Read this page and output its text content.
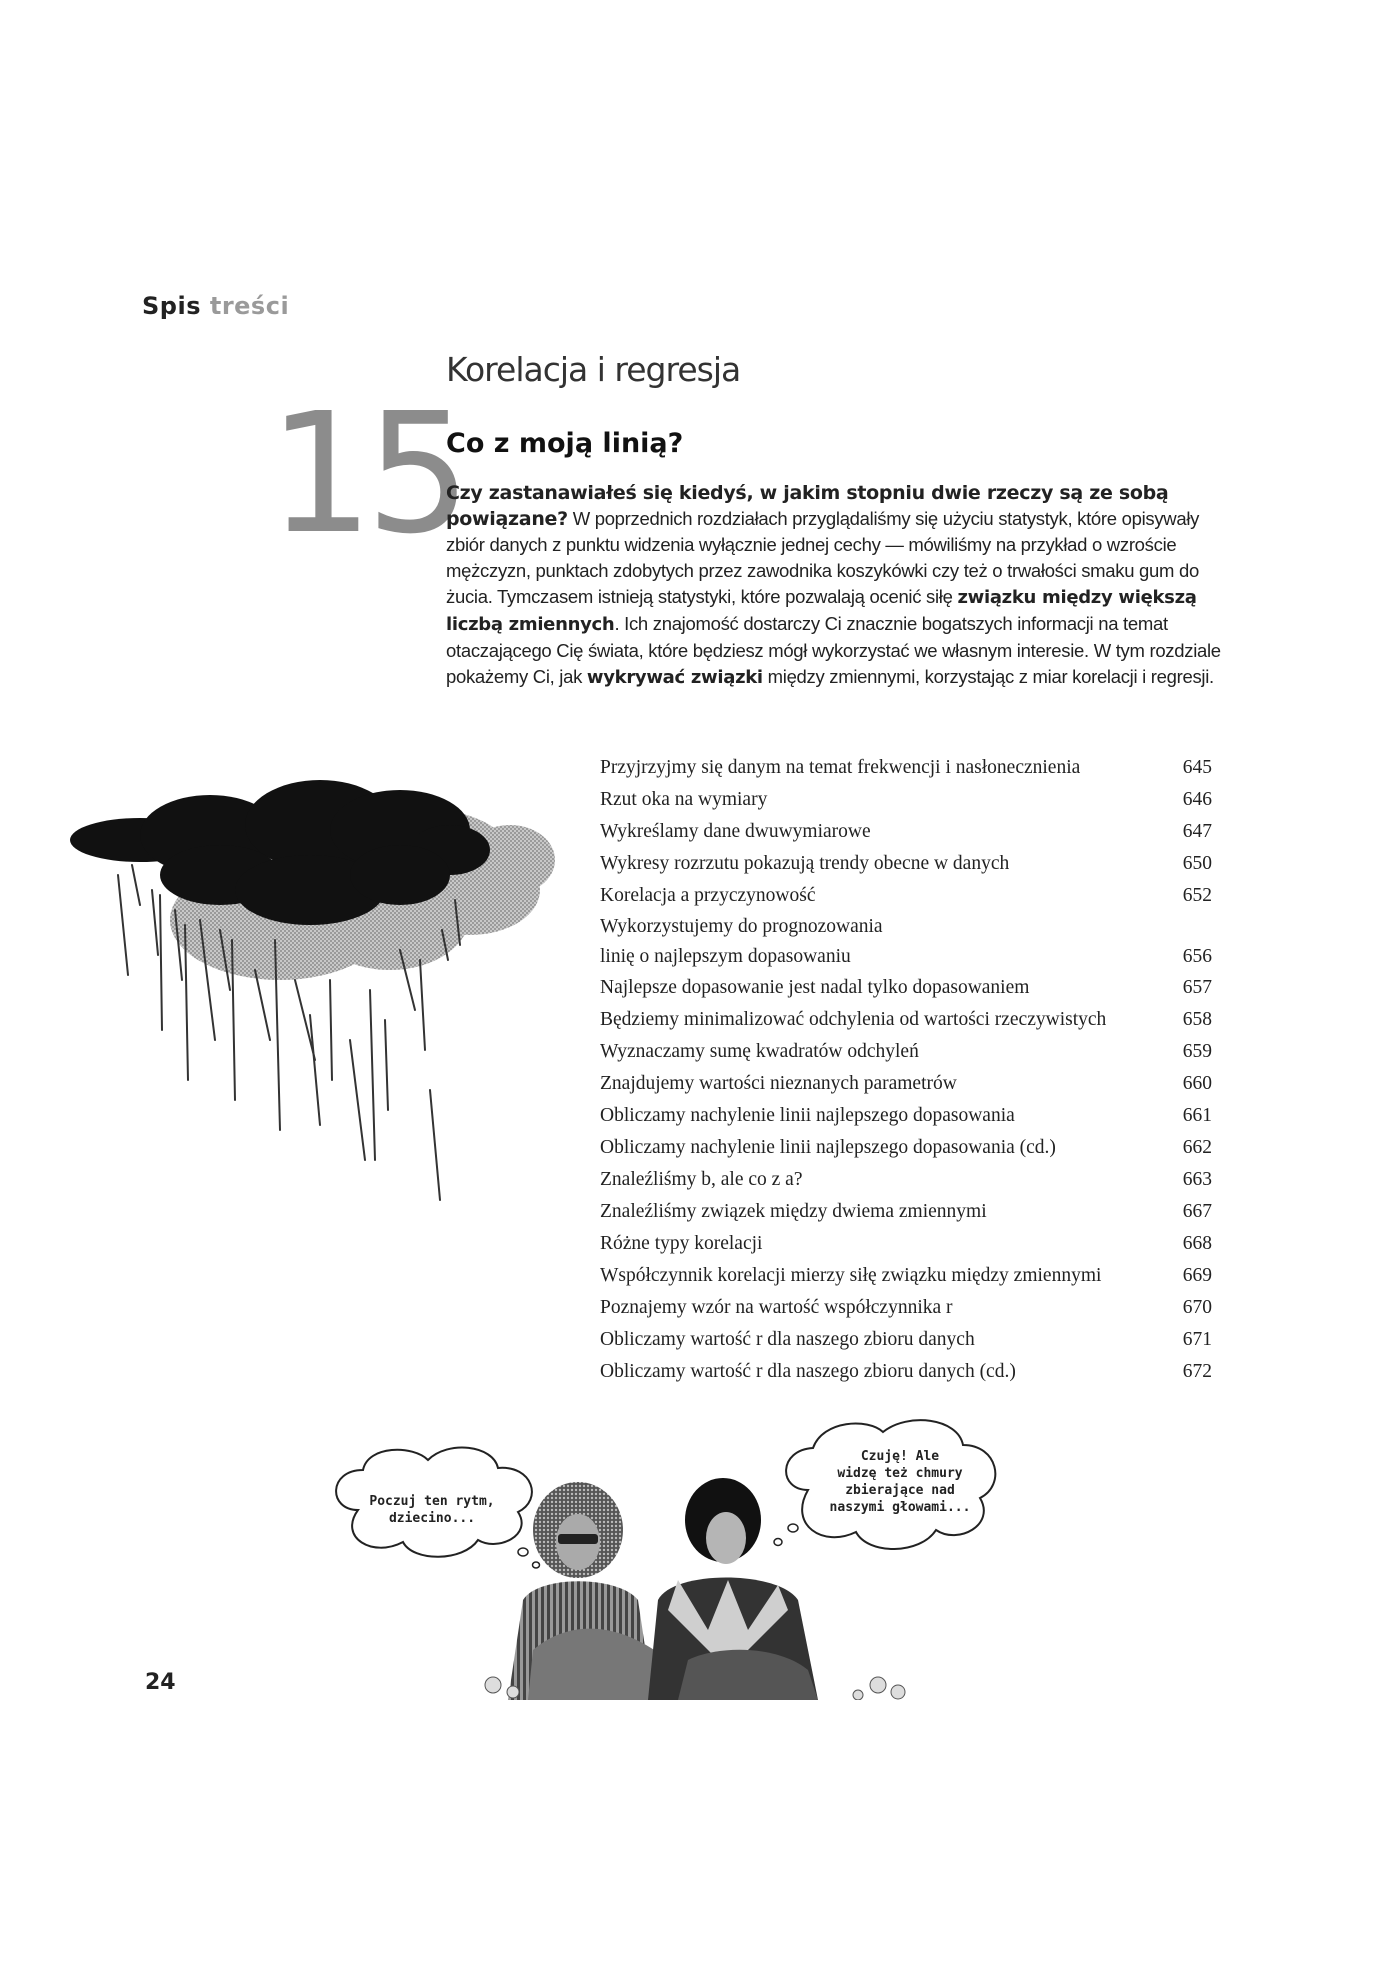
Spis treści
15
Korelacja i regresja
Co z moją linią?
Czy zastanawiałeś się kiedyś, w jakim stopniu dwie rzeczy są ze sobą powiązane? W poprzednich rozdziałach przyglądaliśmy się użyciu statystyk, które opisywały zbiór danych z punktu widzenia wyłącznie jednej cechy — mówiliśmy na przykład o wzroście mężczyzn, punktach zdobytych przez zawodnika koszykówki czy też o trwałości smaku gum do żucia. Tymczasem istnieją statystyki, które pozwalają ocenić siłę związku między większą liczbą zmiennych. Ich znajomość dostarczy Ci znacznie bogatszych informacji na temat otaczającego Cię świata, które będziesz mógł wykorzystać we własnym interesie. W tym rozdziale pokażemy Ci, jak wykrywać związki między zmiennymi, korzystając z miar korelacji i regresji.
Przyjrzyjmy się danym na temat frekwencji i nasłonecznienia	645
Rzut oka na wymiary	646
Wykreślamy dane dwuwymiarowe	647
Wykresy rozrzutu pokazują trendy obecne w danych	650
Korelacja a przyczynowość	652
Wykorzystujemy do prognozowania
linię o najlepszym dopasowaniu	656
Najlepsze dopasowanie jest nadal tylko dopasowaniem	657
Będziemy minimalizować odchylenia od wartości rzeczywistych	658
Wyznaczamy sumę kwadratów odchyleń	659
Znajdujemy wartości nieznanych parametrów	660
Obliczamy nachylenie linii najlepszego dopasowania	661
Obliczamy nachylenie linii najlepszego dopasowania (cd.)	662
Znaleźliśmy b, ale co z a?	663
Znaleźliśmy związek między dwiema zmiennymi	667
Różne typy korelacji	668
Współczynnik korelacji mierzy siłę związku między zmiennymi	669
Poznajemy wzór na wartość współczynnika r	670
Obliczamy wartość r dla naszego zbioru danych	671
Obliczamy wartość r dla naszego zbioru danych (cd.)	672
Poczuj ten rytm,
dziecino...
Czuję! Ale
widzę też chmury
zbierające nad
naszymi głowami...
24
